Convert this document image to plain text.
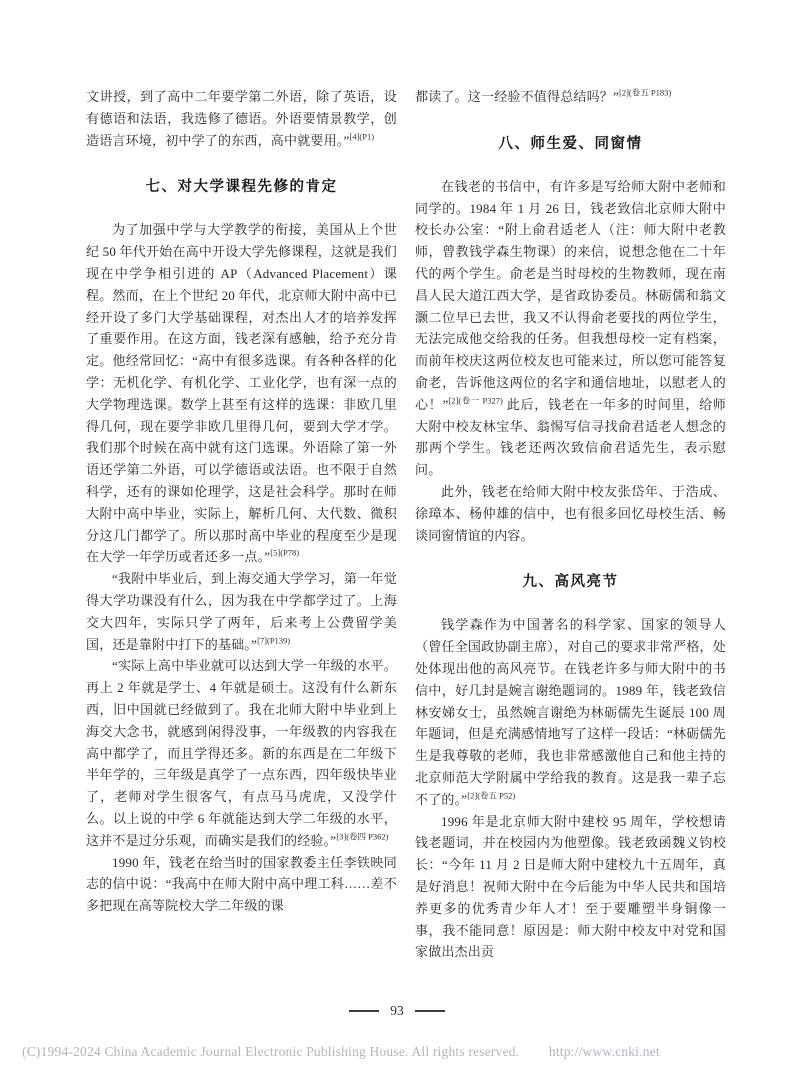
文讲授，到了高中二年要学第二外语，除了英语，设有德语和法语，我选修了德语。外语要情景教学，创造语言环境，初中学了的东西，高中就要用。”$^{[4](P1)}$

七、对大学课程先修的肯定

为了加强中学与大学教学的衔接，美国从上个世纪 50 年代开始在高中开设大学先修课程，这就是我们现在中学争相引进的 AP（Advanced Placement）课程。然而，在上个世纪 20 年代，北京师大附中高中已经开设了多门大学基础课程，对杰出人才的培养发挥了重要作用。在这方面，钱老深有感触，给予充分肯定。他经常回忆：“高中有很多选课。有各种各样的化学：无机化学、有机化学、工业化学，也有深一点的大学物理选课。数学上甚至有这样的选课：非欧几里得几何，现在要学非欧几里得几何，要到大学才学。我们那个时候在高中就有这门选课。外语除了第一外语还学第二外语，可以学德语或法语。也不限于自然科学，还有的课如伦理学，这是社会科学。那时在师大附中高中毕业，实际上，解析几何、大代数、微积分这几门都学了。所以那时高中毕业的程度至少是现在大学一年学历或者还多一点。”$^{[5](P78)}$

“我附中毕业后，到上海交通大学学习，第一年觉得大学功课没有什么，因为我在中学都学过了。上海交大四年，实际只学了两年，后来考上公费留学美国，还是靠附中打下的基础。”$^{[7](P139)}$

“实际上高中毕业就可以达到大学一年级的水平。再上 2 年就是学士、4 年就是硕士。这没有什么新东西，旧中国就已经做到了。我在北师大附中毕业到上海交大念书，就感到闲得没事，一年级教的内容我在高中都学了，而且学得还多。新的东西是在二年级下半年学的，三年级是真学了一点东西，四年级快毕业了，老师对学生很客气，有点马马虎虎，又没学什么。以上说的中学 6 年就能达到大学二年级的水平，这并不是过分乐观，而确实是我们的经验。”$^{[3](卷四 P362)}$

1990 年，钱老在给当时的国家教委主任李铁映同志的信中说：“我高中在师大附中高中理工科……差不多把现在高等院校大学二年级的课

都读了。这一经验不值得总结吗？”$^{[2](卷五 P183)}$

八、师生爱、同窗情

在钱老的书信中，有许多是写给师大附中老师和同学的。1984 年 1 月 26 日，钱老致信北京师大附中校长办公室：“附上俞君适老人（注：师大附中老教师，曾教钱学森生物课）的来信，说想念他在二十年代的两个学生。俞老是当时母校的生物教师，现在南昌人民大道江西大学，是省政协委员。林砺儒和翁文灏二位早已去世，我又不认得俞老要找的两位学生，无法完成他交给我的任务。但我想母校一定有档案，而前年校庆这两位校友也可能来过，所以您可能答复俞老，告诉他这两位的名字和通信地址，以慰老人的心！”$^{[2](卷一 P327)}$ 此后，钱老在一年多的时间里，给师大附中校友林宝华、翁惕写信寻找俞君适老人想念的那两个学生。钱老还两次致信俞君适先生，表示慰问。

此外，钱老在给师大附中校友张岱年、于浩成、徐璋本、杨仲雄的信中，也有很多回忆母校生活、畅谈同窗情谊的内容。

九、高风亮节

钱学森作为中国著名的科学家、国家的领导人（曾任全国政协副主席），对自己的要求非常严格，处处体现出他的高风亮节。在钱老许多与师大附中的书信中，好几封是婉言谢绝题词的。1989 年，钱老致信林安娣女士，虽然婉言谢绝为林砺儒先生诞辰 100 周年题词，但是充满感情地写了这样一段话：“林砺儒先生是我尊敬的老师，我也非常感激他自己和他主持的北京师范大学附属中学给我的教育。这是我一辈子忘不了的。”$^{[2](卷五 P52)}$

1996 年是北京师大附中建校 95 周年，学校想请钱老题词，并在校园内为他塑像。钱老致函魏义钧校长：“今年 11 月 2 日是师大附中建校九十五周年，真是好消息！祝师大附中在今后能为中华人民共和国培养更多的优秀青少年人才！至于要雕塑半身铜像一事，我不能同意！原因是：师大附中校友中对党和国家做出杰出贡

93
(C)1994-2024 China Academic Journal Electronic Publishing House. All rights reserved. http://www.cnki.net
